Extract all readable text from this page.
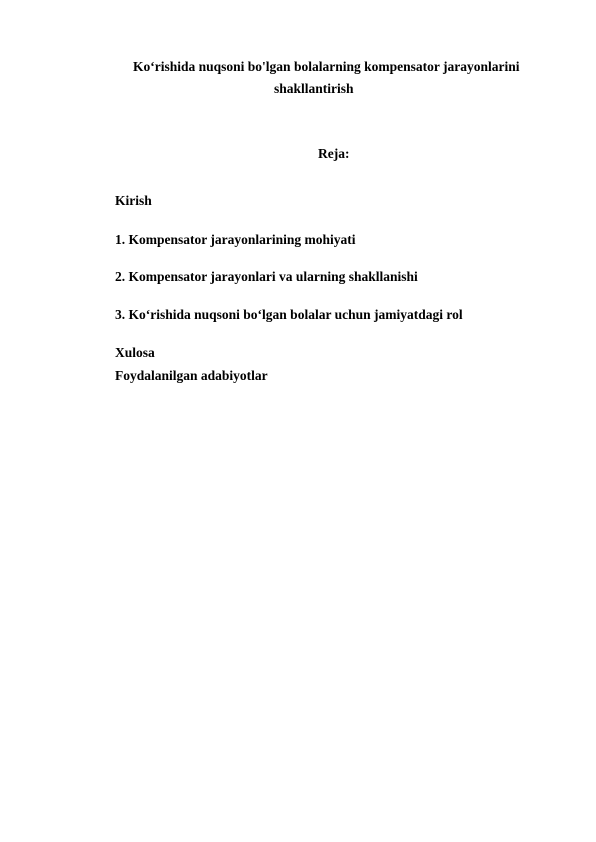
Ko‘rishida nuqsoni bo'lgan bolalarning kompensator jarayonlarini
shakllantirish
Reja:
Kirish
1. Kompensator jarayonlarining mohiyati
2. Kompensator jarayonlari va ularning shakllanishi
3. Ko‘rishida nuqsoni bo‘lgan bolalar uchun jamiyatdagi rol
Xulosa
Foydalanilgan adabiyotlar
